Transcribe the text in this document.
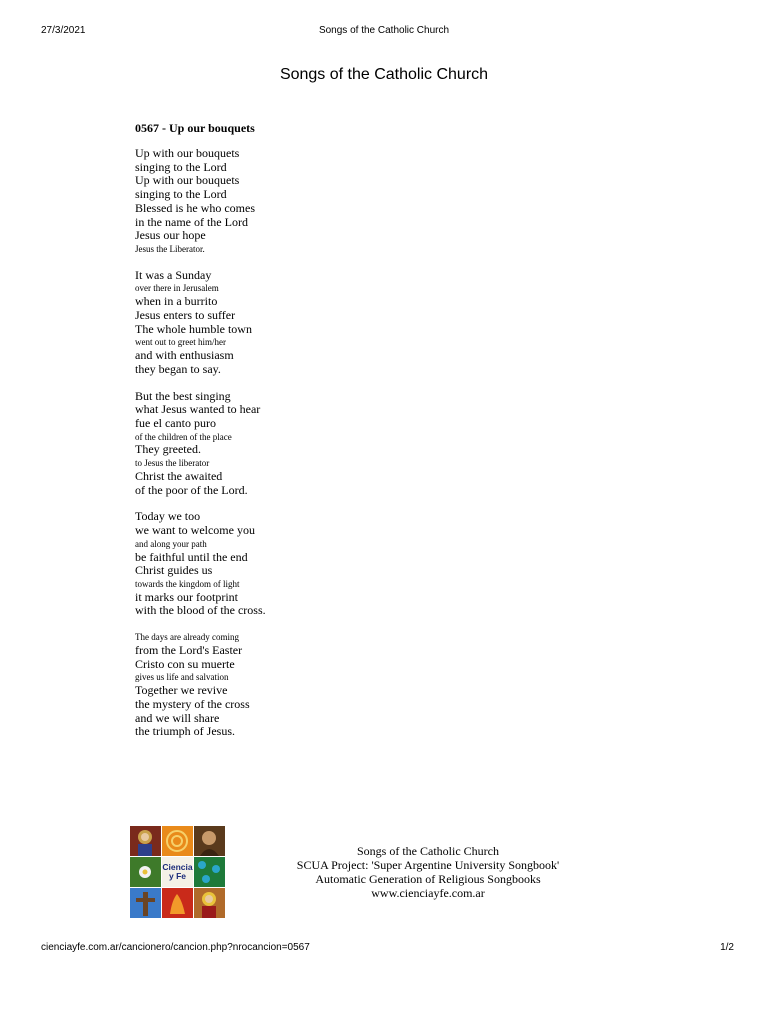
27/3/2021	Songs of the Catholic Church
Songs of the Catholic Church
0567 - Up our bouquets
Up with our bouquets
singing to the Lord
Up with our bouquets
singing to the Lord
Blessed is he who comes
in the name of the Lord
Jesus our hope
Jesus the Liberator.
It was a Sunday
over there in Jerusalem
when in a burrito
Jesus enters to suffer
The whole humble town
went out to greet him/her
and with enthusiasm
they began to say.
But the best singing
what Jesus wanted to hear
fue el canto puro
of the children of the place
They greeted.
to Jesus the liberator
Christ the awaited
of the poor of the Lord.
Today we too
we want to welcome you
and along your path
be faithful until the end
Christ guides us
towards the kingdom of light
it marks our footprint
with the blood of the cross.
The days are already coming
from the Lord's Easter
Cristo con su muerte
gives us life and salvation
Together we revive
the mystery of the cross
and we will share
the triumph of Jesus.
Ciencia
y Fe
Songs of the Catholic Church
SCUA Project: 'Super Argentine University Songbook'
Automatic Generation of Religious Songbooks
www.cienciayfe.com.ar
cienciayfe.com.ar/cancionero/cancion.php?nrocancion=0567	1/2
